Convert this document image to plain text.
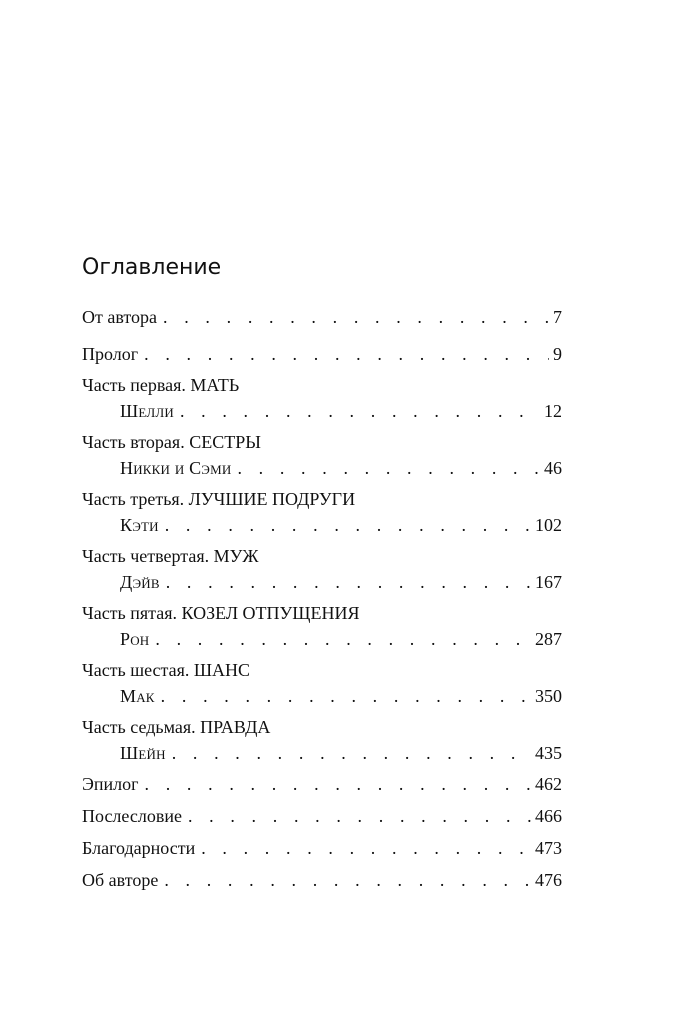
Оглавление
От автора . . .	7
Пролог . . .	9
Часть первая. МАТЬ
Шелли . . .	12
Часть вторая. СЕСТРЫ
Никки и Сэми . . .	46
Часть третья. ЛУЧШИЕ ПОДРУГИ
Кэти . . .	102
Часть четвертая. МУЖ
Дэйв . . .	167
Часть пятая. КОЗЕЛ ОТПУЩЕНИЯ
Рон . . .	287
Часть шестая. ШАНС
Мак . . .	350
Часть седьмая. ПРАВДА
Шейн . . .	435
Эпилог . . .	462
Послесловие . . .	466
Благодарности . . .	473
Об авторе . . .	476
